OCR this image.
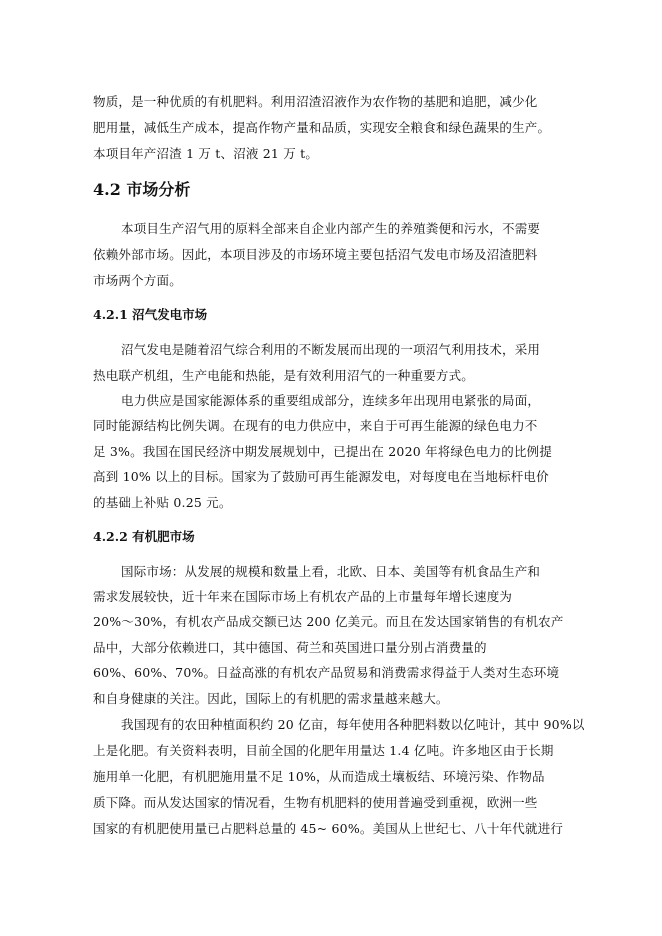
物质，是一种优质的有机肥料。利用沼渣沼液作为农作物的基肥和追肥，减少化
肥用量，减低生产成本，提高作物产量和品质，实现安全粮食和绿色蔬果的生产。
本项目年产沼渣 1 万 t、沼液 21 万 t。
4.2 市场分析
本项目生产沼气用的原料全部来自企业内部产生的养殖粪便和污水，不需要
依赖外部市场。因此，本项目涉及的市场环境主要包括沼气发电市场及沼渣肥料
市场两个方面。
4.2.1 沼气发电市场
沼气发电是随着沼气综合利用的不断发展而出现的一项沼气利用技术，采用
热电联产机组，生产电能和热能，是有效利用沼气的一种重要方式。
电力供应是国家能源体系的重要组成部分，连续多年出现用电紧张的局面，
同时能源结构比例失调。在现有的电力供应中，来自于可再生能源的绿色电力不
足 3%。我国在国民经济中期发展规划中，已提出在 2020 年将绿色电力的比例提
高到 10% 以上的目标。国家为了鼓励可再生能源发电，对每度电在当地标杆电价
的基础上补贴 0.25 元。
4.2.2 有机肥市场
国际市场：从发展的规模和数量上看，北欧、日本、美国等有机食品生产和
需求发展较快，近十年来在国际市场上有机农产品的上市量每年增长速度为
20%～30%，有机农产品成交额已达 200 亿美元。而且在发达国家销售的有机农产
品中，大部分依赖进口，其中德国、荷兰和英国进口量分别占消费量的
60%、60%、70%。日益高涨的有机农产品贸易和消费需求得益于人类对生态环境
和自身健康的关注。因此，国际上的有机肥的需求量越来越大。
我国现有的农田种植面积约 20 亿亩，每年使用各种肥料数以亿吨计，其中 90%以
上是化肥。有关资料表明，目前全国的化肥年用量达 1.4 亿吨。许多地区由于长期
施用单一化肥，有机肥施用量不足 10%，从而造成土壤板结、环境污染、作物品
质下降。而从发达国家的情况看，生物有机肥料的使用普遍受到重视，欧洲一些
国家的有机肥使用量已占肥料总量的 45~ 60%。美国从上世纪七、八十年代就进行
